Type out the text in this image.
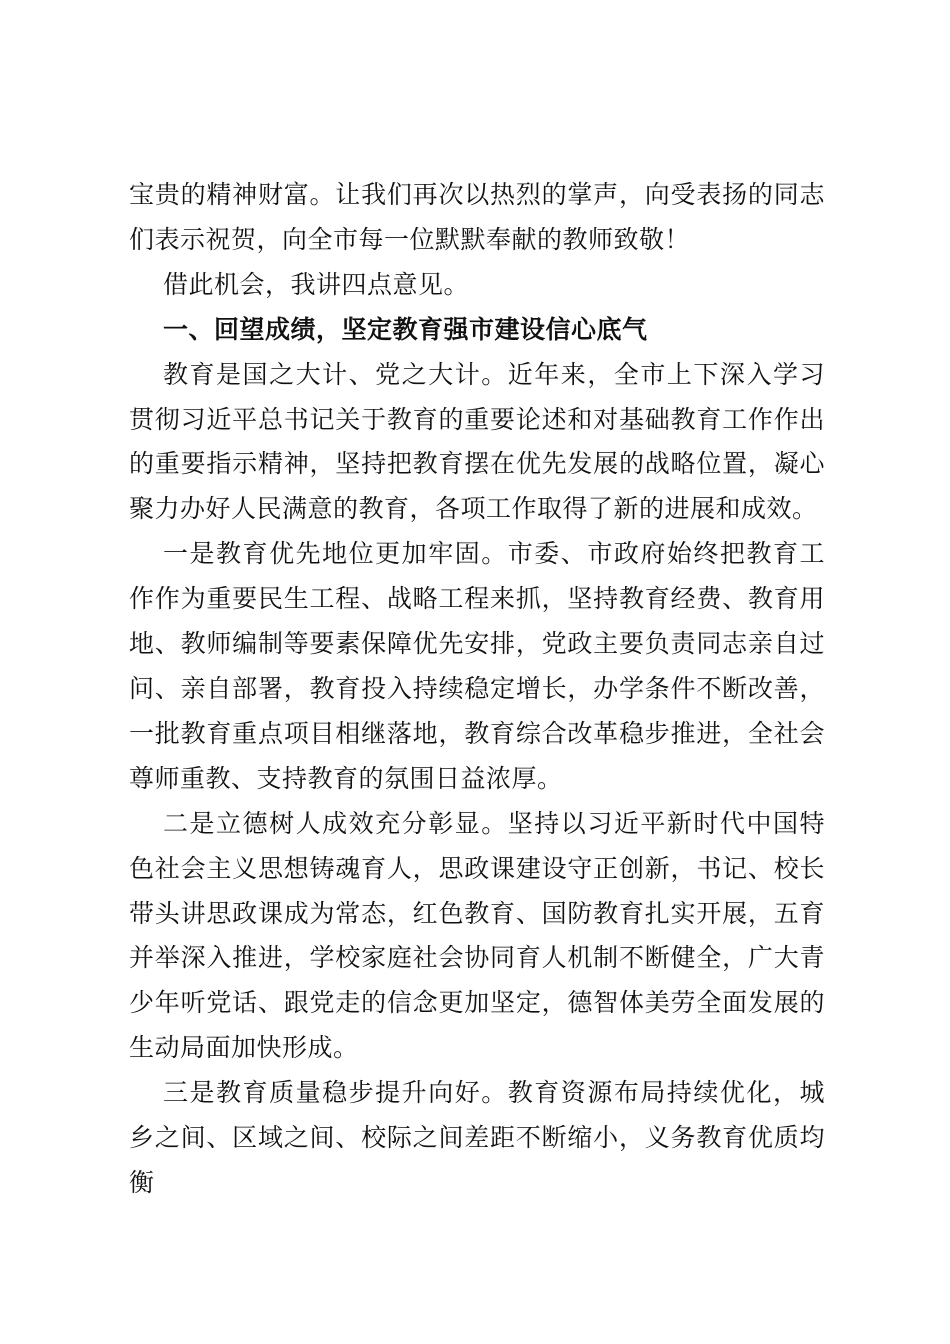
宝贵的精神财富。让我们再次以热烈的掌声，向受表扬的同志们表示祝贺，向全市每一位默默奉献的教师致敬！

借此机会，我讲四点意见。

一、回望成绩，坚定教育强市建设信心底气

教育是国之大计、党之大计。近年来，全市上下深入学习贯彻习近平总书记关于教育的重要论述和对基础教育工作作出的重要指示精神，坚持把教育摆在优先发展的战略位置，凝心聚力办好人民满意的教育，各项工作取得了新的进展和成效。

一是教育优先地位更加牢固。市委、市政府始终把教育工作作为重要民生工程、战略工程来抓，坚持教育经费、教育用地、教师编制等要素保障优先安排，党政主要负责同志亲自过问、亲自部署，教育投入持续稳定增长，办学条件不断改善，一批教育重点项目相继落地，教育综合改革稳步推进，全社会尊师重教、支持教育的氛围日益浓厚。

二是立德树人成效充分彰显。坚持以习近平新时代中国特色社会主义思想铸魂育人，思政课建设守正创新，书记、校长带头讲思政课成为常态，红色教育、国防教育扎实开展，五育并举深入推进，学校家庭社会协同育人机制不断健全，广大青少年听党话、跟党走的信念更加坚定，德智体美劳全面发展的生动局面加快形成。

三是教育质量稳步提升向好。教育资源布局持续优化，城乡之间、区域之间、校际之间差距不断缩小，义务教育优质均衡
